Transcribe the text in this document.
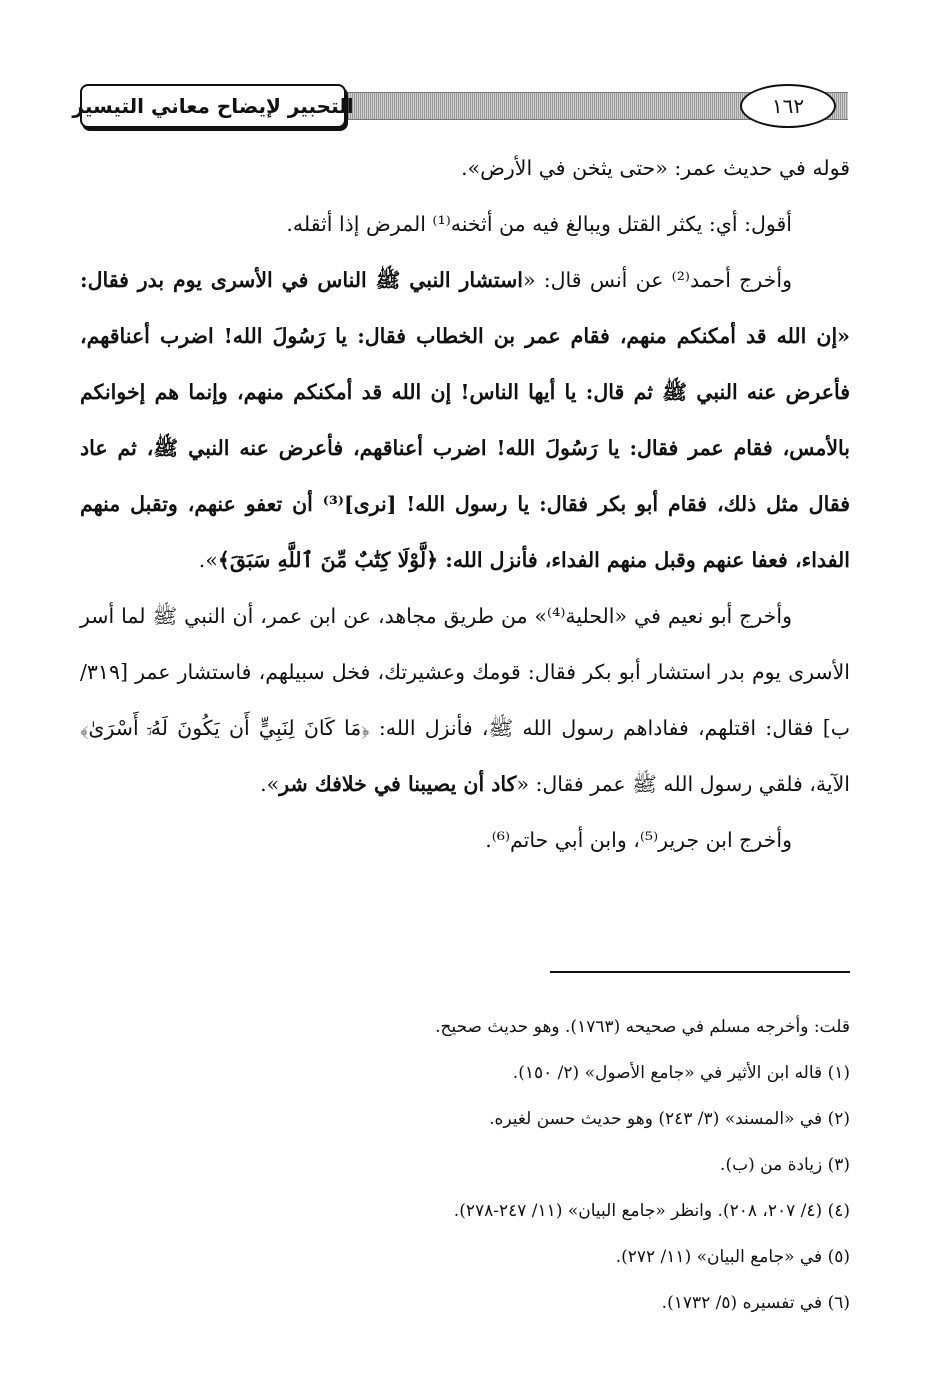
التحبير لإيضاح معاني التيسير	١٦٢

قوله في حديث عمر: «حتى يثخن في الأرض».

أقول: أي: يكثر القتل ويبالغ فيه من أثخنه⁽¹⁾ المرض إذا أثقله.

وأخرج أحمد⁽²⁾ عن أنس قال: «استشار النبي ﷺ الناس في الأسرى يوم بدر فقال: «إن الله قد أمكنكم منهم، فقام عمر بن الخطاب فقال: يا رَسُولَ الله! اضرب أعناقهم، فأعرض عنه النبي ﷺ ثم قال: يا أيها الناس! إن الله قد أمكنكم منهم، وإنما هم إخوانكم بالأمس، فقام عمر فقال: يا رَسُولَ الله! اضرب أعناقهم، فأعرض عنه النبي ﷺ، ثم عاد فقال مثل ذلك، فقام أبو بكر فقال: يا رسول الله! [نرى]⁽³⁾ أن تعفو عنهم، وتقبل منهم الفداء، فعفا عنهم وقبل منهم الفداء، فأنزل الله: ﴿لَّوْلَا كِتَٰبٌ مِّنَ ٱللَّهِ سَبَقَ﴾».

وأخرج أبو نعيم في «الحلية⁽⁴⁾» من طريق مجاهد، عن ابن عمر، أن النبي ﷺ لما أسر الأسرى يوم بدر استشار أبو بكر فقال: قومك وعشيرتك، فخل سبيلهم، فاستشار عمر [٣١٩/ب] فقال: اقتلهم، ففاداهم رسول الله ﷺ، فأنزل الله: ﴿مَا كَانَ لِنَبِيٍّ أَن يَكُونَ لَهُۥٓ أَسْرَىٰ﴾ الآية، فلقي رسول الله ﷺ عمر فقال: «كاد أن يصيبنا في خلافك شر».

وأخرج ابن جرير⁽⁵⁾، وابن أبي حاتم⁽⁶⁾.

قلت: وأخرجه مسلم في صحيحه (١٧٦٣). وهو حديث صحيح.

(١) قاله ابن الأثير في «جامع الأصول» (٢/ ١٥٠).

(٢) في «المسند» (٣/ ٢٤٣) وهو حديث حسن لغيره.

(٣) زيادة من (ب).

(٤) (٤/ ٢٠٧، ٢٠٨). وانظر «جامع البيان» (١١/ ٢٤٧-٢٧٨).

(٥) في «جامع البيان» (١١/ ٢٧٢).

(٦) في تفسيره (٥/ ١٧٣٢).
